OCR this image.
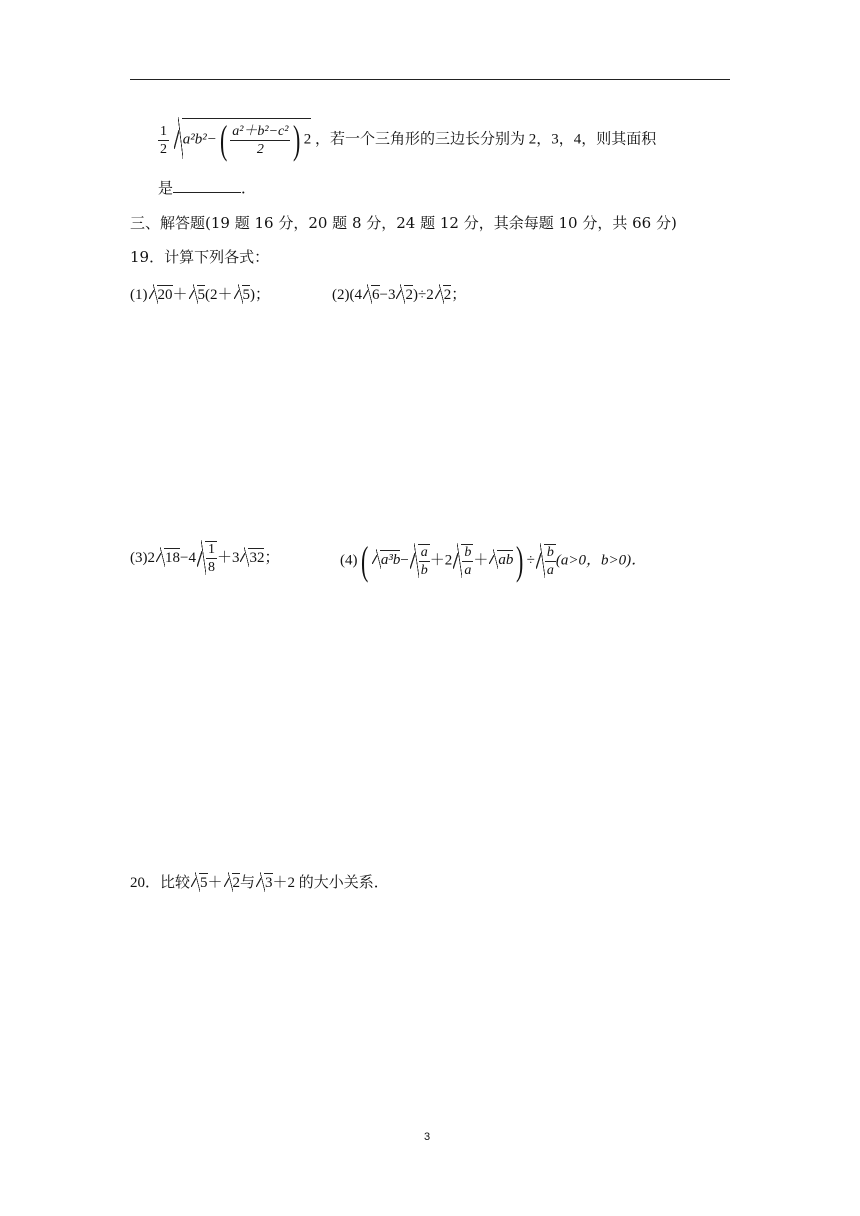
$\frac{1}{2} a^2b^2-( \frac{\text{a²＋b²−c²}}{2}$ ) 2 ，若一个三角形的三边长分别为 2，3，4，则其面积
是	．
三、解答题(19 题 16 分，20 题 8 分，24 题 12 分，其余每题 10 分，共 66 分)
19．计算下列各式：
(1) 20＋ 5(2＋ 5)；	(2)(4 6−3 2)÷2 2；
(3)2 $18-4 \frac{1}{8} +3$ 32；	(4)( $a^3b- \frac{a}{b} +2 \frac{b}{a} + ab) \div \frac{b}{a} (a>0$，b>0)．
20．比较 5＋ 2与 3＋2 的大小关系．
3
